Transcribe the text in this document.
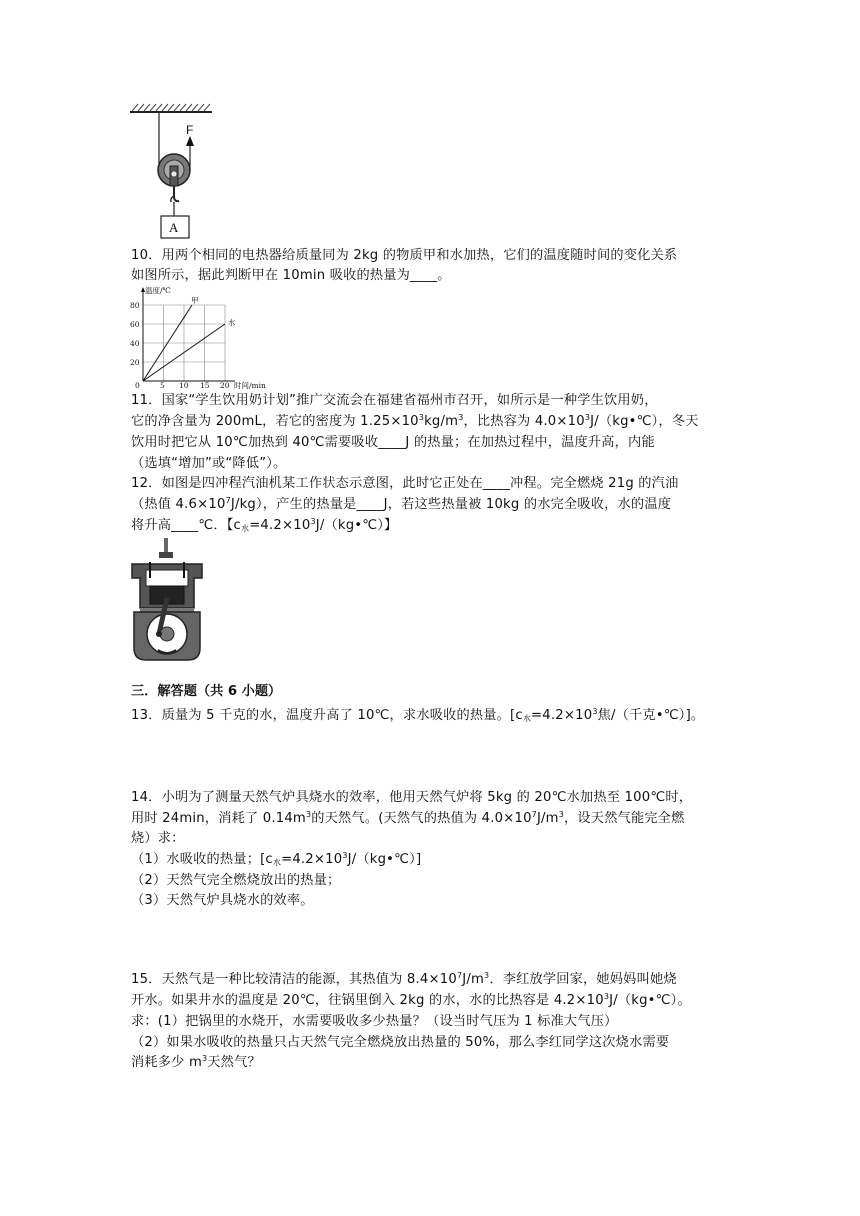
F
A
10．用两个相同的电热器给质量同为 2kg 的物质甲和水加热，它们的温度随时间的变化关系
如图所示，据此判断甲在 10min 吸收的热量为____。
温度/℃
甲
水
80
60
40
20
0	5 10 15 20 时间/min
11．国家“学生饮用奶计划”推广交流会在福建省福州市召开，如所示是一种学生饮用奶，
它的净含量为 200mL，若它的密度为 $1.25\times 10^3kg/m^3$，比热容为 $4.0\times 10^3J/(kg•℃)$，冬天
饮用时把它从 10℃加热到 40℃需要吸收____J 的热量；在加热过程中，温度升高，内能
（选填“增加”或“降低”）。
12．如图是四冲程汽油机某工作状态示意图，此时它正处在____冲程。完全燃烧 21g 的汽油
（热值 $4.6\times 10^7J/kg$），产生的热量是____J，若这些热量被 10kg 的水完全吸收，水的温度
将升高____℃．【$c_水=4.2\times 10^3J/(kg•℃)$】
三．解答题（共 6 小题）
13．质量为 5 千克的水，温度升高了 10℃，求水吸收的热量。[$c_水=4.2\times 10^3$焦/（千克•℃）]。
14．小明为了测量天然气炉具烧水的效率，他用天然气炉将 5kg 的 20℃水加热至 100℃时，
用时 24min，消耗了 $0.14m^3$的天然气。(天然气的热值为 $4.0\times 10^7J/m^3$，设天然气能完全燃
烧）求：
（1）水吸收的热量；$[c_水=4.2\times 10^3J/(kg•℃)]$
（2）天然气完全燃烧放出的热量；
（3）天然气炉具烧水的效率。
15．天然气是一种比较清洁的能源，其热值为 $8.4\times 10^7J/m^3$．李红放学回家，她妈妈叫她烧
开水。如果井水的温度是 20℃，往锅里倒入 2kg 的水，水的比热容是 $4.2\times 10^3J/(kg•℃)$。
求：(1）把锅里的水烧开，水需要吸收多少热量？（设当时气压为 1 标准大气压）
（2）如果水吸收的热量只占天然气完全燃烧放出热量的 50%，那么李红同学这次烧水需要
消耗多少 $m^3$天然气？
